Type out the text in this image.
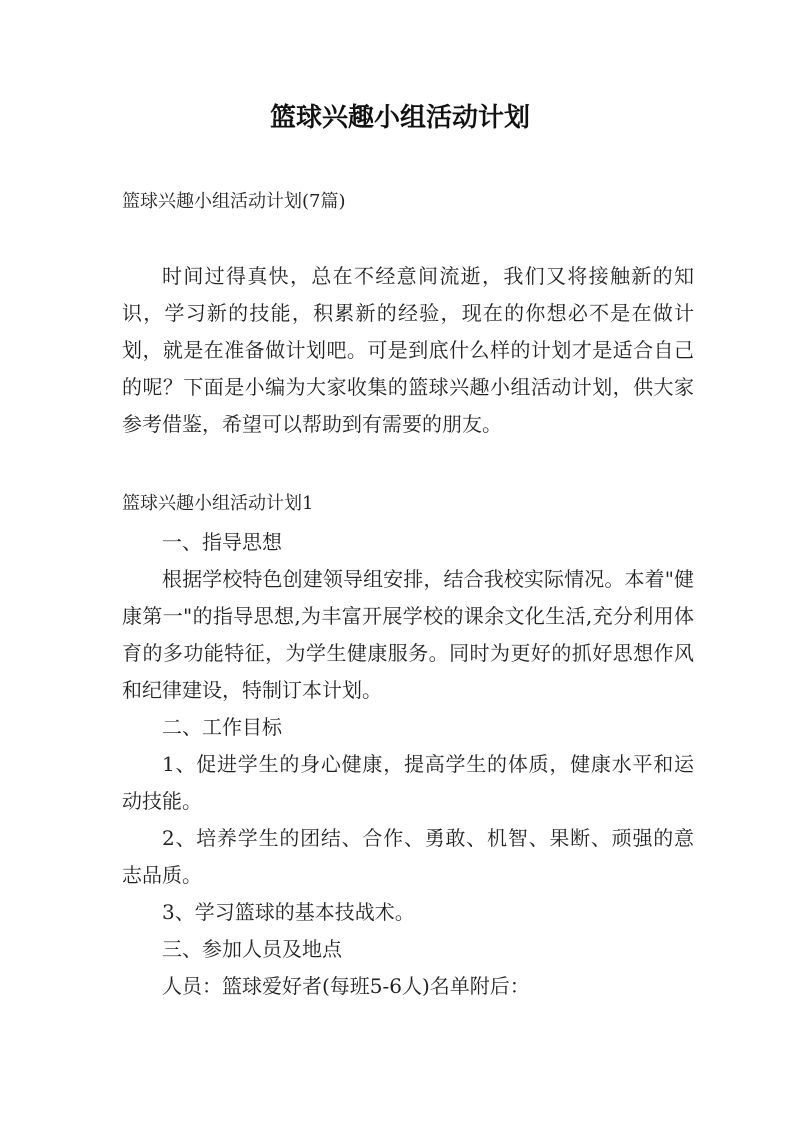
篮球兴趣小组活动计划

篮球兴趣小组活动计划(7篇)

时间过得真快，总在不经意间流逝，我们又将接触新的知识，学习新的技能，积累新的经验，现在的你想必不是在做计划，就是在准备做计划吧。可是到底什么样的计划才是适合自己的呢？下面是小编为大家收集的篮球兴趣小组活动计划，供大家参考借鉴，希望可以帮助到有需要的朋友。

篮球兴趣小组活动计划1

一、指导思想

根据学校特色创建领导组安排，结合我校实际情况。本着"健康第一"的指导思想,为丰富开展学校的课余文化生活,充分利用体育的多功能特征，为学生健康服务。同时为更好的抓好思想作风和纪律建设，特制订本计划。

二、工作目标

1、促进学生的身心健康，提高学生的体质，健康水平和运动技能。

2、培养学生的团结、合作、勇敢、机智、果断、顽强的意志品质。

3、学习篮球的基本技战术。

三、参加人员及地点

人员：篮球爱好者(每班5-6人)名单附后：
